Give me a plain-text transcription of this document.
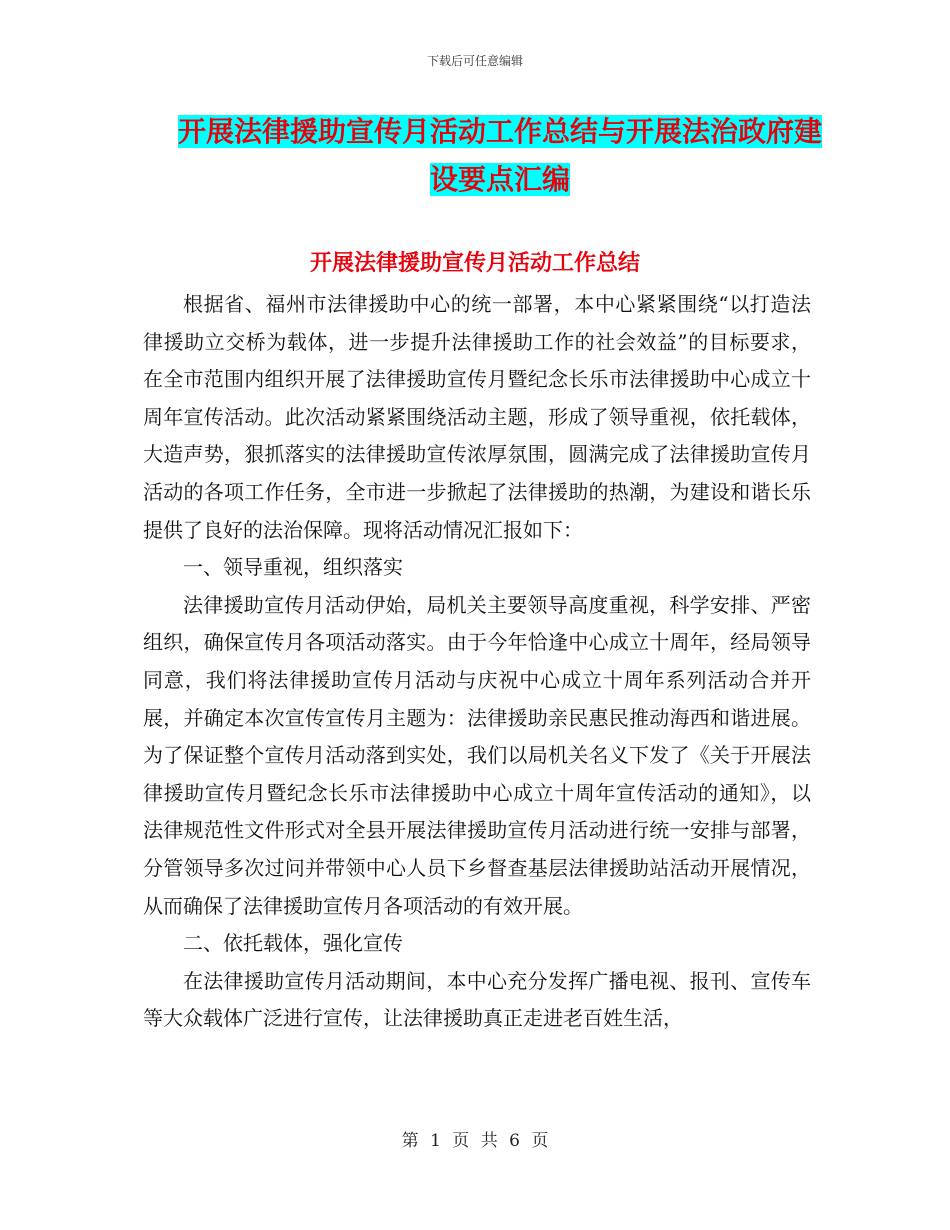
下载后可任意编辑
开展法律援助宣传月活动工作总结与开展法治政府建
设要点汇编
开展法律援助宣传月活动工作总结

根据省、福州市法律援助中心的统一部署，本中心紧紧围绕“以打造法律援助立交桥为载体，进一步提升法律援助工作的社会效益”的目标要求，在全市范围内组织开展了法律援助宣传月暨纪念长乐市法律援助中心成立十周年宣传活动。此次活动紧紧围绕活动主题，形成了领导重视，依托载体，大造声势，狠抓落实的法律援助宣传浓厚氛围，圆满完成了法律援助宣传月活动的各项工作任务，全市进一步掀起了法律援助的热潮，为建设和谐长乐提供了良好的法治保障。现将活动情况汇报如下：

一、领导重视，组织落实

法律援助宣传月活动伊始，局机关主要领导高度重视，科学安排、严密组织，确保宣传月各项活动落实。由于今年恰逢中心成立十周年，经局领导同意，我们将法律援助宣传月活动与庆祝中心成立十周年系列活动合并开展，并确定本次宣传宣传月主题为：法律援助亲民惠民推动海西和谐进展。为了保证整个宣传月活动落到实处，我们以局机关名义下发了《关于开展法律援助宣传月暨纪念长乐市法律援助中心成立十周年宣传活动的通知》，以法律规范性文件形式对全县开展法律援助宣传月活动进行统一安排与部署，分管领导多次过问并带领中心人员下乡督查基层法律援助站活动开展情况，从而确保了法律援助宣传月各项活动的有效开展。

二、依托载体，强化宣传

在法律援助宣传月活动期间，本中心充分发挥广播电视、报刊、宣传车等大众载体广泛进行宣传，让法律援助真正走进老百姓生活，

第 1 页 共 6 页
